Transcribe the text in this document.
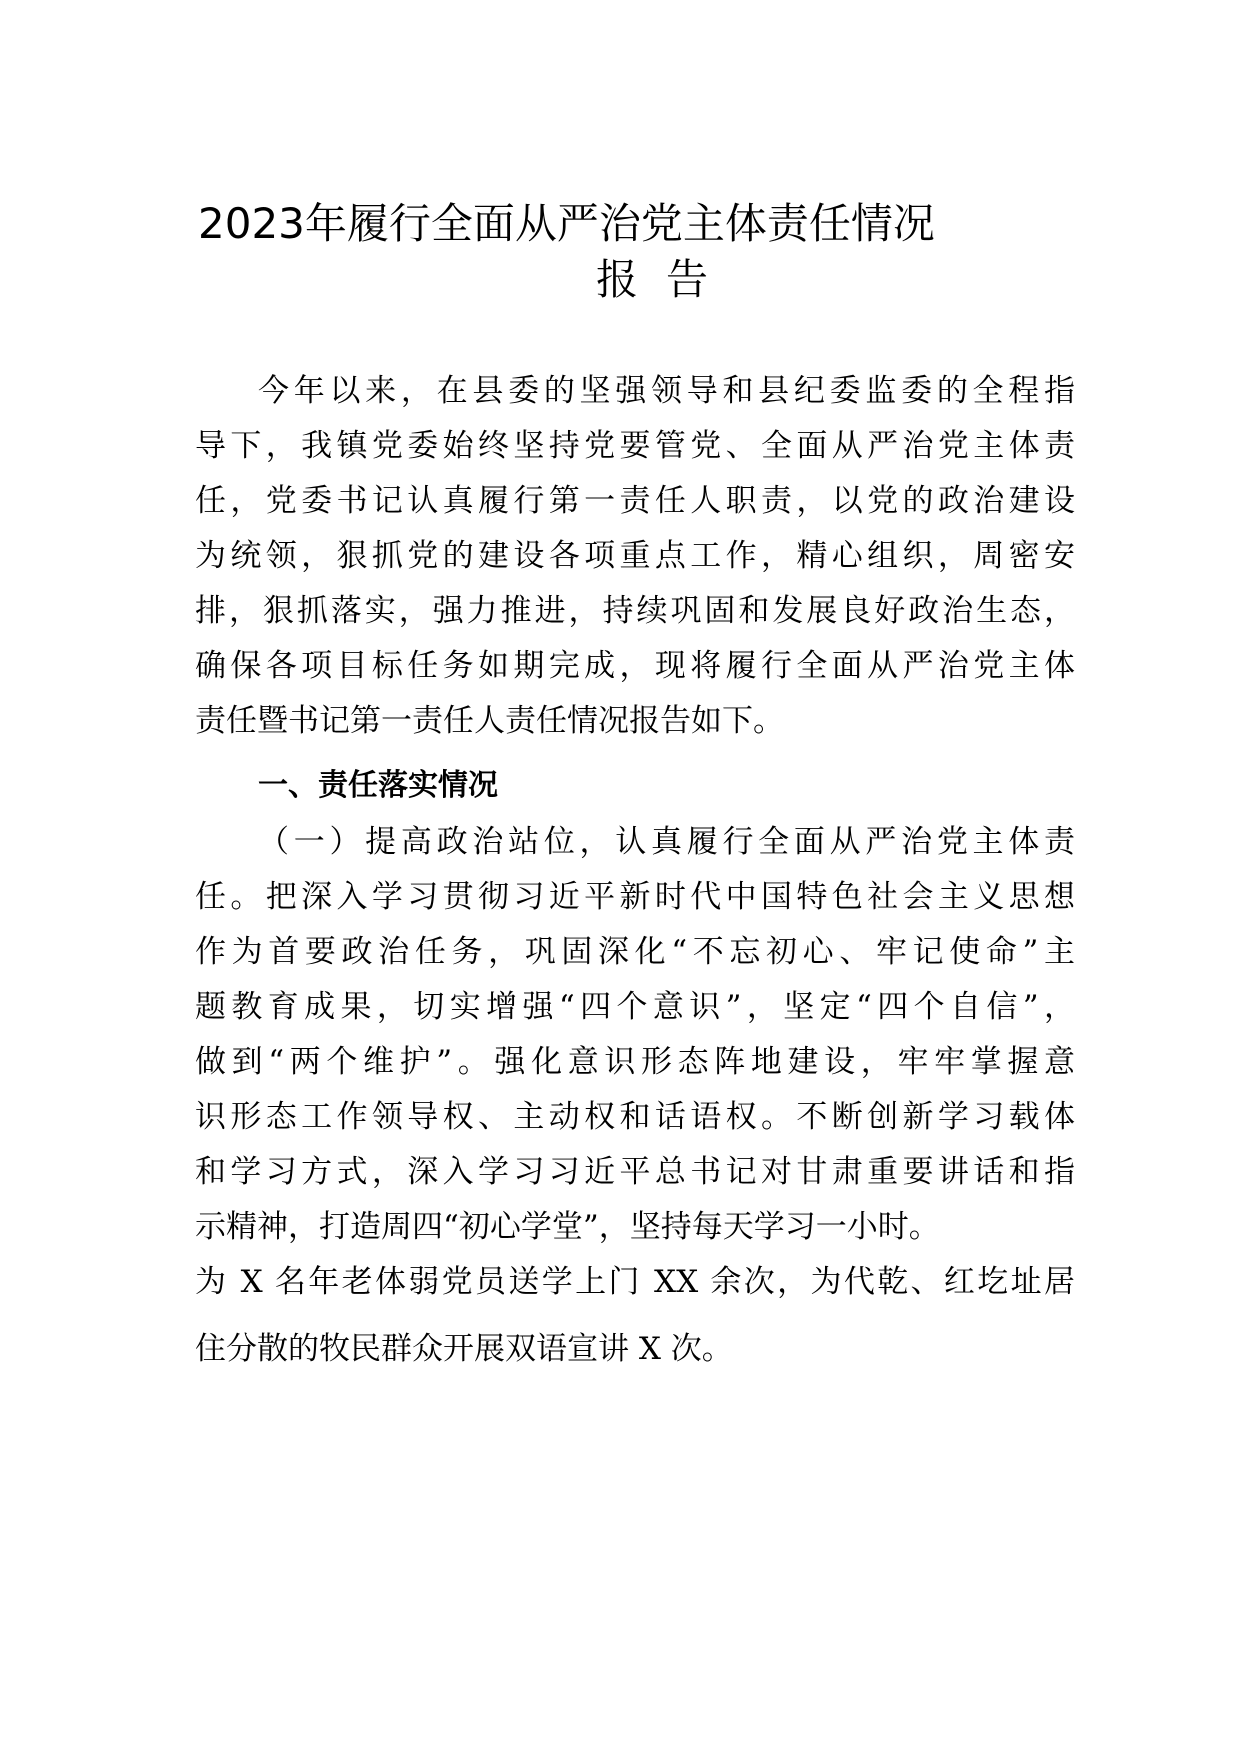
2023年履行全面从严治党主体责任情况
报告
今年以来，在县委的坚强领导和县纪委监委的全程指
导下，我镇党委始终坚持党要管党、全面从严治党主体责
任，党委书记认真履行第一责任人职责，以党的政治建设
为统领，狠抓党的建设各项重点工作，精心组织，周密安
排，狠抓落实，强力推进，持续巩固和发展良好政治生态，
确保各项目标任务如期完成，现将履行全面从严治党主体
责任暨书记第一责任人责任情况报告如下。
一、责任落实情况
（一）提高政治站位，认真履行全面从严治党主体责
任。把深入学习贯彻习近平新时代中国特色社会主义思想
作为首要政治任务，巩固深化“不忘初心、牢记使命”主
题教育成果，切实增强“四个意识”，坚定“四个自信”，
做到“两个维护”。强化意识形态阵地建设，牢牢掌握意
识形态工作领导权、主动权和话语权。不断创新学习载体
和学习方式，深入学习习近平总书记对甘肃重要讲话和指
示精神，打造周四“初心学堂”，坚持每天学习一小时。
为 X 名年老体弱党员送学上门 XX 余次，为代乾、红圪址居
住分散的牧民群众开展双语宣讲 X 次。
